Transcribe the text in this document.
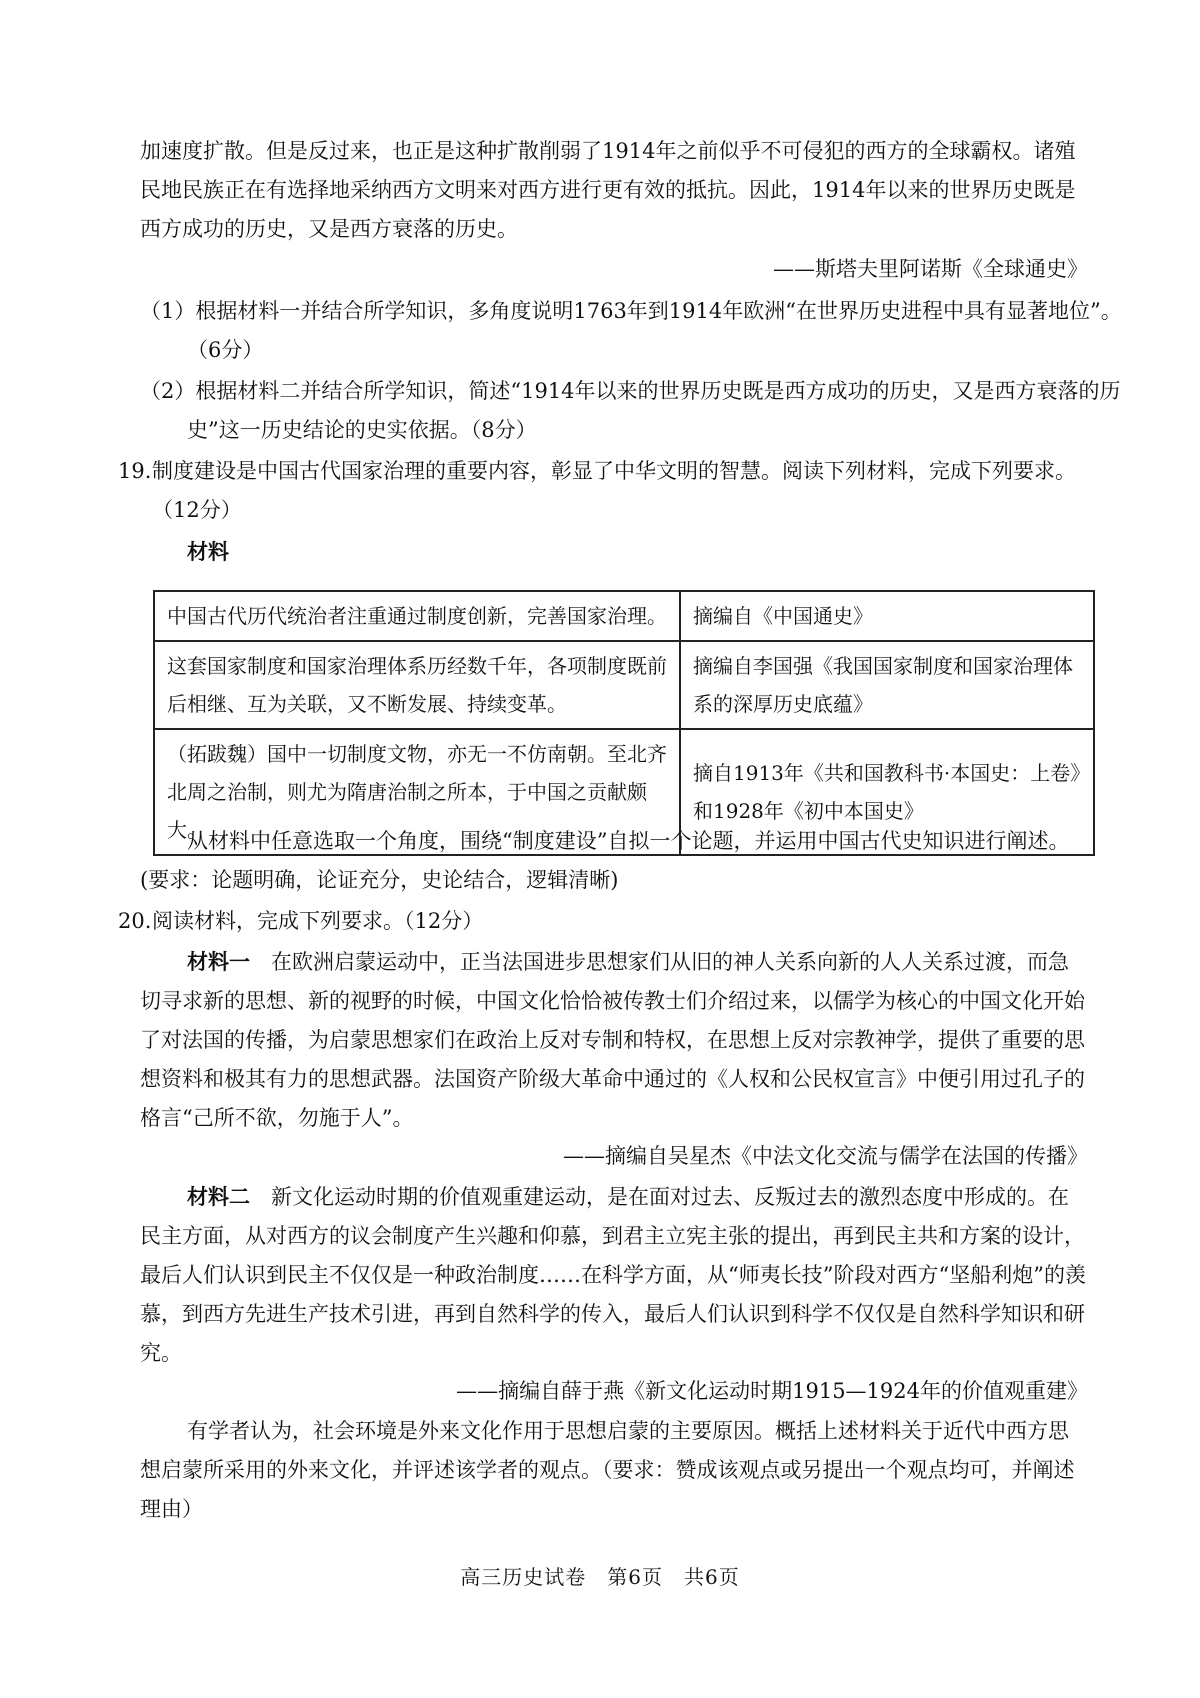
加速度扩散。但是反过来，也正是这种扩散削弱了1914年之前似乎不可侵犯的西方的全球霸权。诸殖民地民族正在有选择地采纳西方文明来对西方进行更有效的抵抗。因此，1914年以来的世界历史既是西方成功的历史，又是西方衰落的历史。

——斯塔夫里阿诺斯《全球通史》

（1）根据材料一并结合所学知识，多角度说明1763年到1914年欧洲“在世界历史进程中具有显著地位”。（6分）

（2）根据材料二并结合所学知识，简述“1914年以来的世界历史既是西方成功的历史，又是西方衰落的历史”这一历史结论的史实依据。（8分）

19. 制度建设是中国古代国家治理的重要内容，彰显了中华文明的智慧。阅读下列材料，完成下列要求。（12分）

材料
中国古代历代统治者注重通过制度创新，完善国家治理。	摘编自《中国通史》
这套国家制度和国家治理体系历经数千年，各项制度既前后相继、互为关联，又不断发展、持续变革。	摘编自李国强《我国国家制度和国家治理体系的深厚历史底蕴》
（拓跋魏）国中一切制度文物，亦无一不仿南朝。至北齐北周之治制，则尤为隋唐治制之所本，于中国之贡献颇大。	摘自1913年《共和国教科书·本国史：上卷》和1928年《初中本国史》

从材料中任意选取一个角度，围绕“制度建设”自拟一个论题，并运用中国古代史知识进行阐述。(要求：论题明确，论证充分，史论结合，逻辑清晰)

20. 阅读材料，完成下列要求。（12分）

材料一　 在欧洲启蒙运动中，正当法国进步思想家们从旧的神人关系向新的人人关系过渡，而急切寻求新的思想、新的视野的时候，中国文化恰恰被传教士们介绍过来，以儒学为核心的中国文化开始了对法国的传播，为启蒙思想家们在政治上反对专制和特权，在思想上反对宗教神学，提供了重要的思想资料和极其有力的思想武器。法国资产阶级大革命中通过的《人权和公民权宣言》中便引用过孔子的格言“己所不欲，勿施于人”。

——摘编自吴星杰《中法文化交流与儒学在法国的传播》

材料二　 新文化运动时期的价值观重建运动，是在面对过去、反叛过去的激烈态度中形成的。在民主方面，从对西方的议会制度产生兴趣和仰慕，到君主立宪主张的提出，再到民主共和方案的设计，最后人们认识到民主不仅仅是一种政治制度……在科学方面，从“师夷长技”阶段对西方“坚船利炮”的羡慕，到西方先进生产技术引进，再到自然科学的传入，最后人们认识到科学不仅仅是自然科学知识和研究。

——摘编自薛于燕《新文化运动时期1915—1924年的价值观重建》

有学者认为，社会环境是外来文化作用于思想启蒙的主要原因。概括上述材料关于近代中西方思想启蒙所采用的外来文化，并评述该学者的观点。（要求：赞成该观点或另提出一个观点均可，并阐述理由）

高三历史试卷　第6页　共6页
